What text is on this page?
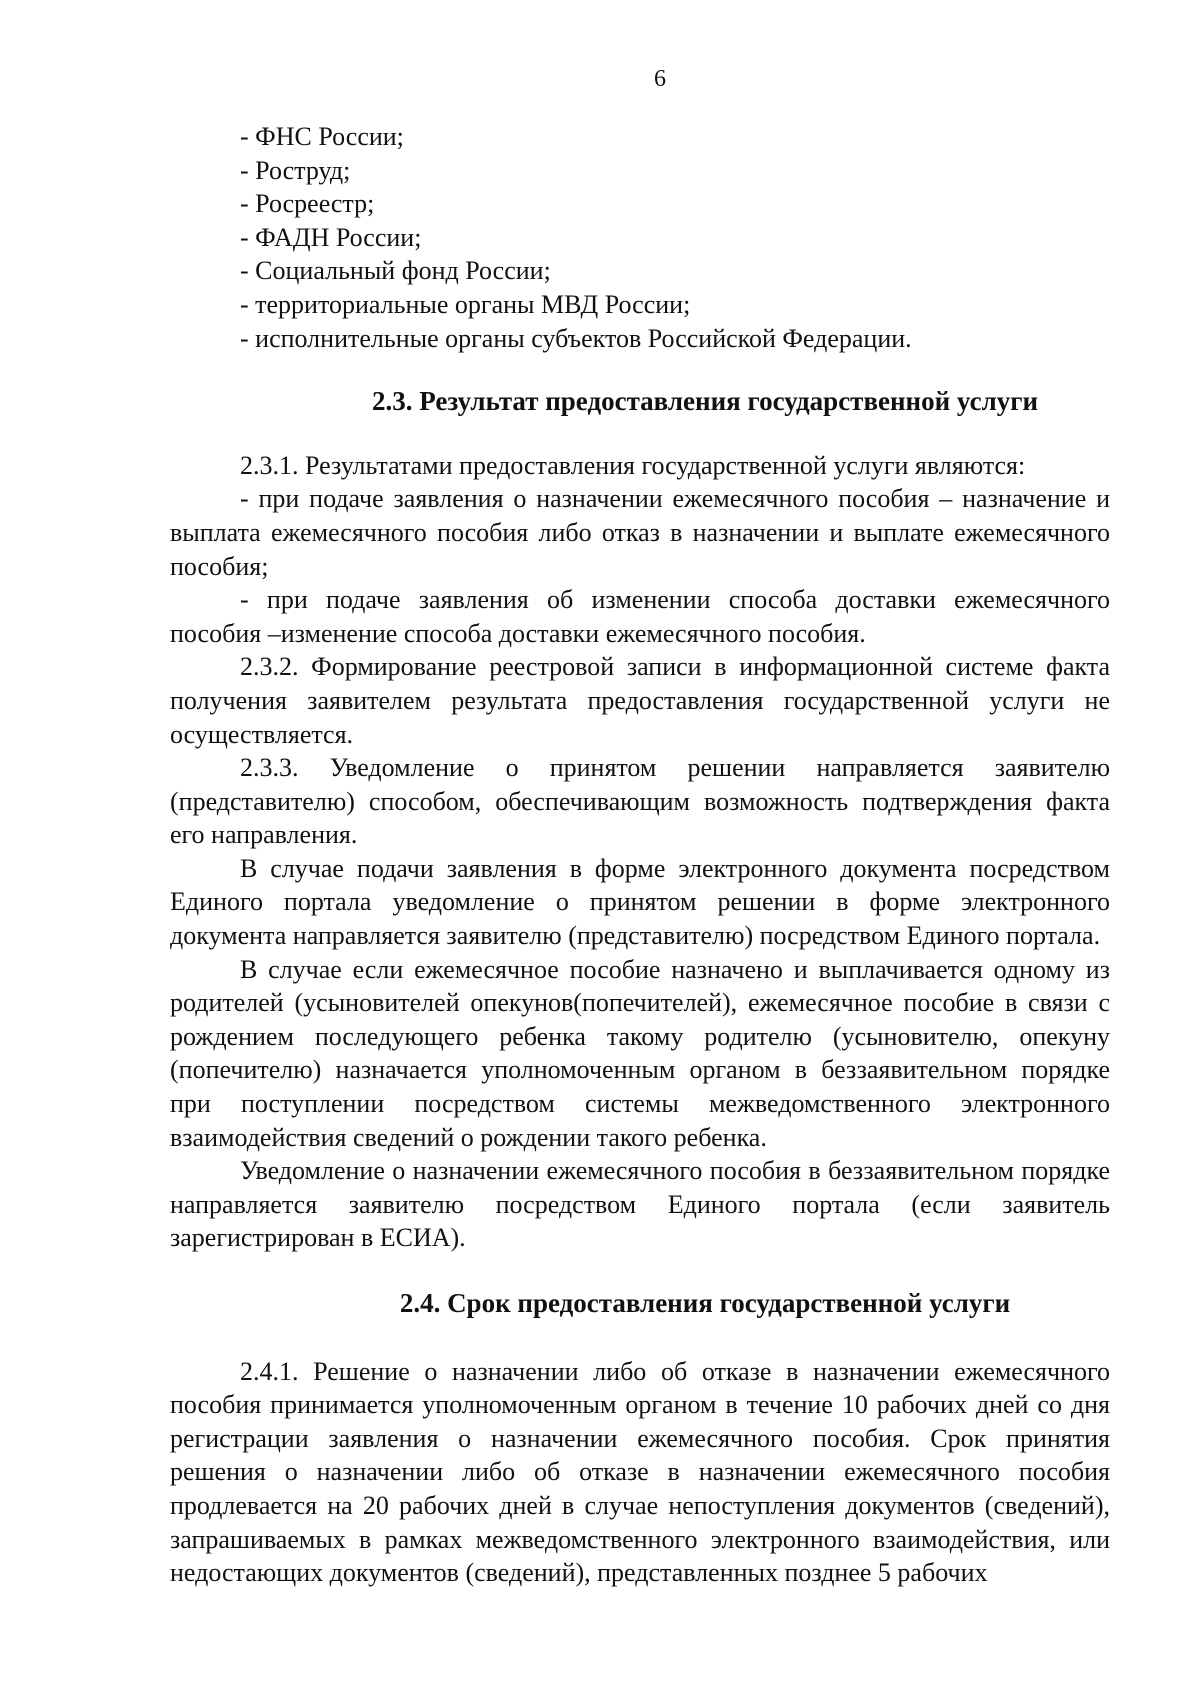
6

- ФНС России;

- Роструд;

- Росреестр;

- ФАДН России;

- Социальный фонд России;

- территориальные органы МВД России;

- исполнительные органы субъектов Российской Федерации.

2.3. Результат предоставления государственной услуги

2.3.1. Результатами предоставления государственной услуги являются:

- при подаче заявления о назначении ежемесячного пособия – назначение и выплата ежемесячного пособия либо отказ в назначении и выплате ежемесячного пособия;

- при подаче заявления об изменении способа доставки ежемесячного пособия –изменение способа доставки ежемесячного пособия.

2.3.2. Формирование реестровой записи в информационной системе факта получения заявителем результата предоставления государственной услуги не осуществляется.

2.3.3. Уведомление о принятом решении направляется заявителю (представителю) способом, обеспечивающим возможность подтверждения факта его направления.

В случае подачи заявления в форме электронного документа посредством Единого портала уведомление о принятом решении в форме электронного документа направляется заявителю (представителю) посредством Единого портала.

В случае если ежемесячное пособие назначено и выплачивается одному из родителей (усыновителей опекунов(попечителей), ежемесячное пособие в связи с рождением последующего ребенка такому родителю (усыновителю, опекуну (попечителю) назначается уполномоченным органом в беззаявительном порядке при поступлении посредством системы межведомственного электронного взаимодействия сведений о рождении такого ребенка.

Уведомление о назначении ежемесячного пособия в беззаявительном порядке направляется заявителю посредством Единого портала (если заявитель зарегистрирован в ЕСИА).

2.4. Срок предоставления государственной услуги

2.4.1. Решение о назначении либо об отказе в назначении ежемесячного пособия принимается уполномоченным органом в течение 10 рабочих дней со дня регистрации заявления о назначении ежемесячного пособия. Срок принятия решения о назначении либо об отказе в назначении ежемесячного пособия продлевается на 20 рабочих дней в случае непоступления документов (сведений), запрашиваемых в рамках межведомственного электронного взаимодействия, или недостающих документов (сведений), представленных позднее 5 рабочих
